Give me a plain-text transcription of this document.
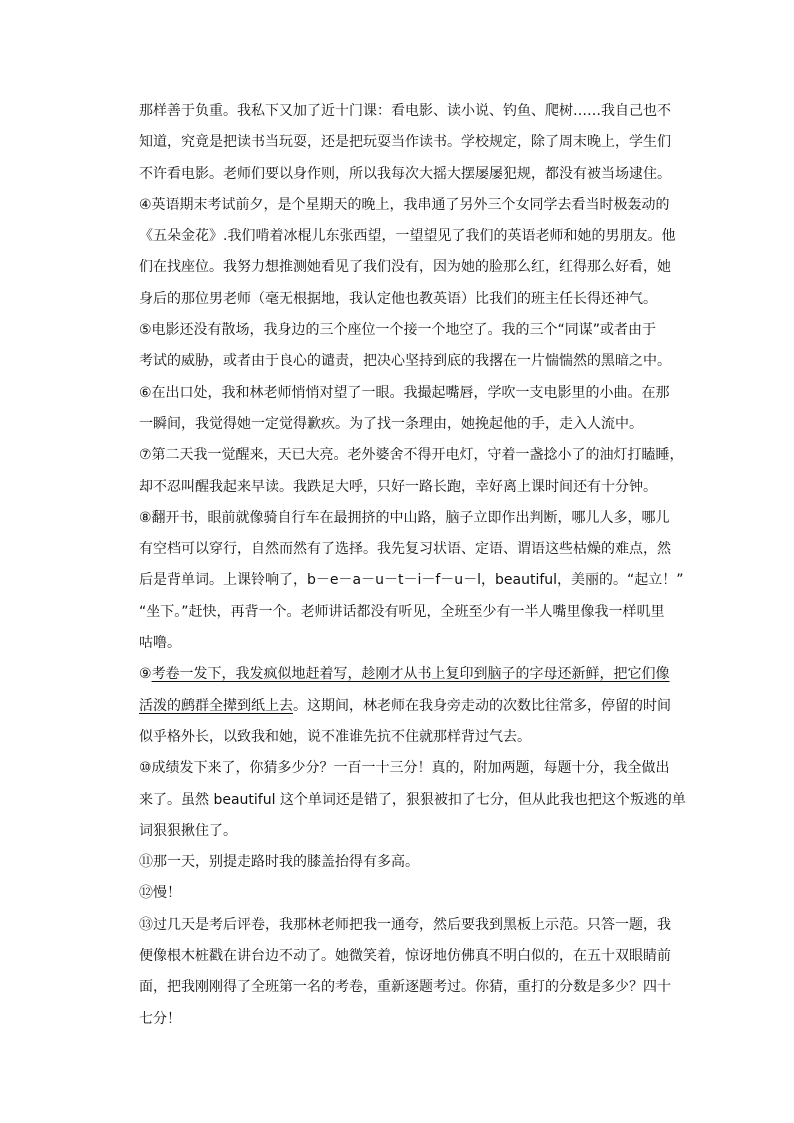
那样善于负重。我私下又加了近十门课：看电影、读小说、钓鱼、爬树……我自己也不
知道，究竟是把读书当玩耍，还是把玩耍当作读书。学校规定，除了周末晚上，学生们
不许看电影。老师们要以身作则，所以我每次大摇大摆屡屡犯规，都没有被当场逮住。
④英语期末考试前夕，是个星期天的晚上，我串通了另外三个女同学去看当时极轰动的
《五朵金花》.我们啃着冰棍儿东张西望，一望望见了我们的英语老师和她的男朋友。他
们在找座位。我努力想推测她看见了我们没有，因为她的脸那么红，红得那么好看，她
身后的那位男老师（毫无根据地，我认定他也教英语）比我们的班主任长得还神气。
⑤电影还没有散场，我身边的三个座位一个接一个地空了。我的三个“同谋”或者由于
考试的威胁，或者由于良心的谴责，把决心坚持到底的我撂在一片惴惴然的黑暗之中。
⑥在出口处，我和林老师悄悄对望了一眼。我撮起嘴唇，学吹一支电影里的小曲。在那
一瞬间，我觉得她一定觉得歉疚。为了找一条理由，她挽起他的手，走入人流中。
⑦第二天我一觉醒来，天已大亮。老外婆舍不得开电灯，守着一盏捻小了的油灯打瞌睡，
却不忍叫醒我起来早读。我跌足大呼，只好一路长跑，幸好离上课时间还有十分钟。
⑧翻开书，眼前就像骑自行车在最拥挤的中山路，脑子立即作出判断，哪儿人多，哪儿
有空档可以穿行，自然而然有了选择。我先复习状语、定语、谓语这些枯燥的难点，然
后是背单词。上课铃响了，b－e－a－u－t－i－f－u－l，beautiful，美丽的。“起立！”
“坐下。”赶快，再背一个。老师讲话都没有听见，全班至少有一半人嘴里像我一样叽里
咕噜。
⑨考卷一发下，我发疯似地赶着写，趁刚才从书上复印到脑子的字母还新鲜，把它们像
活泼的鹧群全撵到纸上去。这期间，林老师在我身旁走动的次数比往常多，停留的时间
似乎格外长，以致我和她，说不准谁先抗不住就那样背过气去。
⑩成绩发下来了，你猜多少分？一百一十三分！真的，附加两题，每题十分，我全做出
来了。虽然 beautiful 这个单词还是错了，狠狠被扣了七分，但从此我也把这个叛逃的单
词狠狠揪住了。
⑪那一天，别提走路时我的膝盖抬得有多高。
⑫慢！
⑬过几天是考后评卷，我那林老师把我一通夸，然后要我到黑板上示范。只答一题，我
便像根木桩戳在讲台边不动了。她微笑着，惊讶地仿佛真不明白似的，在五十双眼睛前
面，把我刚刚得了全班第一名的考卷，重新逐题考过。你猜，重打的分数是多少？四十
七分！
